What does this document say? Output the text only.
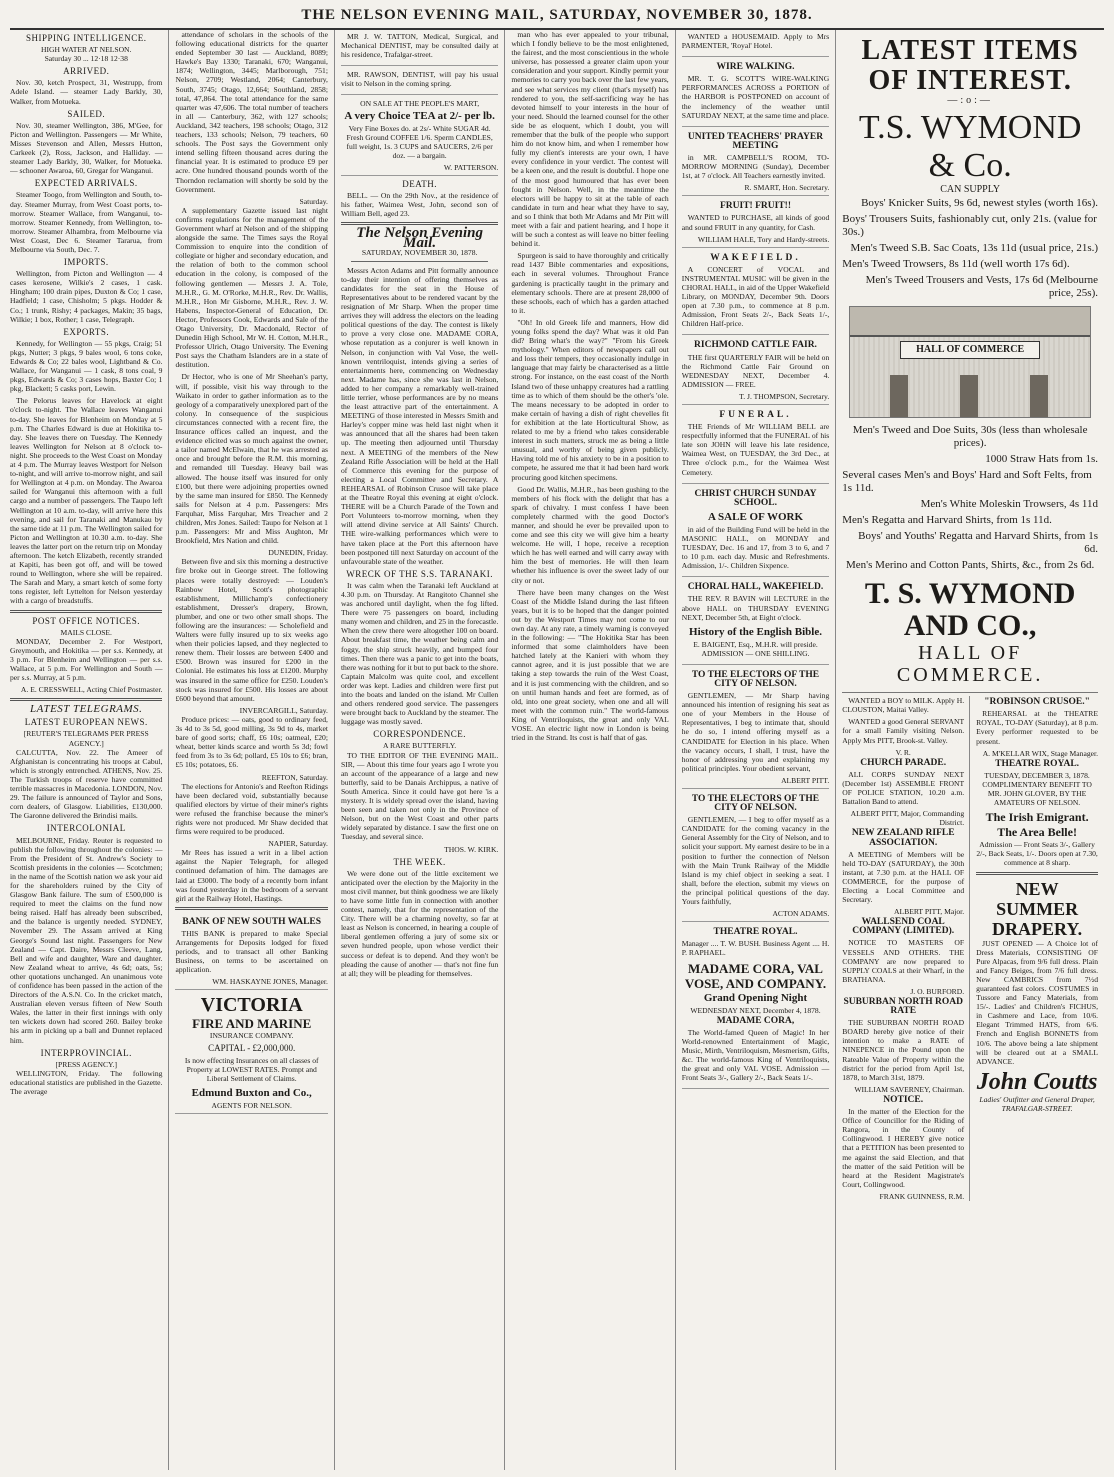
THE NELSON EVENING MAIL, SATURDAY, NOVEMBER 30, 1878.
SHIPPING INTELLIGENCE.
HIGH WATER AT NELSON.
Saturday 30 ... 12·18 12·38
ARRIVED.

Nov. 30, ketch Prospect, 31, Westrupp, from Adele Island. — steamer Lady Barkly, 30, Walker, from Motueka.

SAILED.

Nov. 30, steamer Wellington, 386, M'Gee, for Picton and Wellington. Passengers — Mr White, Misses Stevenson and Allen, Messrs Hutton, Carkeek (2), Ross, Jackson, and Halliday. — steamer Lady Barkly, 30, Walker, for Motueka. — schooner Awaroa, 60, Gregar for Wanganui.

EXPECTED ARRIVALS.

Steamer Toogo, from Wellington and South, to-day. Steamer Murray, from West Coast ports, to-morrow. Steamer Wallace, from Wanganui, to-morrow. Steamer Kennedy, from Wellington, to-morrow. Steamer Alhambra, from Melbourne via West Coast, Dec 6. Steamer Tararua, from Melbourne via South, Dec. 7.

IMPORTS.

Wellington, from Picton and Wellington — 4 cases kerosene, Wilkie's 2 cases, 1 cask. Hingham; 100 drain pipes, Duxton & Co; 1 case, Hadfield; 1 case, Chisholm; 5 pkgs. Hodder & Co.; 1 trunk, Rishy; 4 packages, Makin; 35 bags, Wilkie; 1 box, Rother; 1 case, Telegraph.

EXPORTS.

Kennedy, for Wellington — 55 pkgs, Craig; 51 pkgs, Nutter; 3 pkgs, 9 bales wool, 6 tons coke, Edwards & Co; 22 bales wool, Lightband & Co. Wallace, for Wanganui — 1 cask, 8 tons coal, 9 pkgs, Edwards & Co; 3 cases hops, Baxter Co; 1 pkg, Blackett; 5 casks port, Lewin.

The Pelorus leaves for Havelock at eight o'clock to-night. The Wallace leaves Wanganui to-day. She leaves for Blenheim on Monday at 5 p.m. The Charles Edward is due at Hokitika to-day. She leaves there on Tuesday. The Kennedy leaves Wellington for Nelson at 8 o'clock to-night. She proceeds to the West Coast on Monday at 4 p.m. The Murray leaves Westport for Nelson to-night, and will arrive to-morrow night, and sail for Wellington at 4 p.m. on Monday. The Awaroa sailed for Wanganui this afternoon with a full cargo and a number of passengers. The Taupo left Wellington at 10 a.m. to-day, will arrive here this evening, and sail for Taranaki and Manukau by the same tide at 11 p.m. The Wellington sailed for Picton and Wellington at 10.30 a.m. to-day. She leaves the latter port on the return trip on Monday afternoon. The ketch Elizabeth, recently stranded at Kapiti, has been got off, and will be towed round to Wellington, where she will be repaired. The Sarah and Mary, a smart ketch of some forty tons register, left Lyttelton for Nelson yesterday with a cargo of breadstuffs.

POST OFFICE NOTICES.
MAILS CLOSE.

MONDAY, December 2. For Westport, Greymouth, and Hokitika — per s.s. Kennedy, at 3 p.m. For Blenheim and Wellington — per s.s. Wallace, at 5 p.m. For Wellington and South — per s.s. Murray, at 5 p.m.

A. E. CRESSWELL, Acting Chief Postmaster.
LATEST TELEGRAMS.
LATEST EUROPEAN NEWS.
[REUTER'S TELEGRAMS PER PRESS AGENCY.]

CALCUTTA, Nov. 22. The Ameer of Afghanistan is concentrating his troops at Cabul, which is strongly entrenched. ATHENS, Nov. 25. The Turkish troops of reserve have committed terrible massacres in Macedonia. LONDON, Nov. 29. The failure is announced of Taylor and Sons, corn dealers, of Glasgow. Liabilities, £130,000. The Garonne delivered the Brindisi mails.

INTERCOLONIAL

MELBOURNE, Friday. Reuter is requested to publish the following throughout the colonies: — From the President of St. Andrew's Society to Scottish presidents in the colonies — Scotchmen; in the name of the Scottish nation we ask your aid for the shareholders ruined by the City of Glasgow Bank failure. The sum of £500,000 is required to meet the claims on the fund now being raised. Half has already been subscribed, and the balance is urgently needed. SYDNEY, November 29. The Assam arrived at King George's Sound last night. Passengers for New Zealand — Capt. Daire, Messrs Cleeve, Lang, Bell and wife and daughter, Ware and daughter. New Zealand wheat to arrive, 4s 6d; oats, 5s; other quotations unchanged. An unanimous vote of confidence has been passed in the action of the Directors of the A.S.N. Co. In the cricket match, Australian eleven versus fifteen of New South Wales, the latter in their first innings with only ten wickets down had scored 260. Bailey broke his arm in picking up a ball and Dunnet replaced him.

INTERPROVINCIAL.
[PRESS AGENCY.]

WELLINGTON, Friday. The following educational statistics are published in the Gazette. The average

attendance of scholars in the schools of the following educational districts for the quarter ended September 30 last — Auckland, 8089; Hawke's Bay 1330; Taranaki, 670; Wanganui, 1874; Wellington, 3445; Marlborough, 751; Nelson, 2709; Westland, 2064; Canterbury, South, 3745; Otago, 12,664; Southland, 2858; total, 47,864. The total attendance for the same quarter was 47,606. The total number of teachers in all — Canterbury, 362, with 127 schools; Auckland, 342 teachers, 198 schools; Otago, 312 teachers, 133 schools; Nelson, 79 teachers, 60 schools. The Post says the Government only intend selling fifteen thousand acres during the financial year. It is estimated to produce £9 per acre. One hundred thousand pounds worth of the Thorndon reclamation will shortly be sold by the Government.

Saturday.

A supplementary Gazette issued last night confirms regulations for the management of the Government wharf at Nelson and of the shipping alongside the same. The Times says the Royal Commission to enquire into the condition of collegiate or higher and secondary education, and the relation of both to the common school education in the colony, is composed of the following gentlemen — Messrs J. A. Tole, M.H.R., G. M. O'Rorke, M.H.R., Rev. Dr. Wallis, M.H.R., Hon Mr Gisborne, M.H.R., Rev. J. W. Habens, Inspector-General of Education, Dr. Hector, Professors Cook, Edwards and Sale of the Otago University, Dr. Macdonald, Rector of Dunedin High School, Mr W. H. Cotton, M.H.R., Professor Ulrich, Otago University. The Evening Post says the Chatham Islanders are in a state of destitution.

Dr Hector, who is one of Mr Sheehan's party, will, if possible, visit his way through to the Waikato in order to gather information as to the geology of a comparatively unexplored part of the colony. In consequence of the suspicious circumstances connected with a recent fire, the Insurance offices called an inquest, and the evidence elicited was so much against the owner, a tailor named McElwain, that he was arrested as once and brought before the R.M. this morning, and remanded till Tuesday. Heavy bail was allowed. The house itself was insured for only £100, but there were adjoining properties owned by the same man insured for £850. The Kennedy sails for Nelson at 4 p.m. Passengers: Mrs Farquhar, Miss Farquhar, Mrs Treacher and 2 children, Mrs Jones. Sailed: Taupo for Nelson at 1 p.m. Passengers: Mr and Miss Aughton, Mr Brookfield, Mrs Nation and child.

DUNEDIN, Friday.

Between five and six this morning a destructive fire broke out in George street. The following places were totally destroyed: — Louden's Rainbow Hotel, Scott's photographic establishment, Millichamp's confectionery establishment, Dresser's drapery, Brown, plumber, and one or two other small shops. The following are the insurances: — Scholefield and Walters were fully insured up to six weeks ago when their policies lapsed, and they neglected to renew them. Their losses are between £400 and £500. Brown was insured for £200 in the Colonial. He estimates his loss at £1200. Murphy was insured in the same office for £250. Louden's stock was insured for £500. His losses are about £600 beyond that amount.

INVERCARGILL, Saturday.

Produce prices: — oats, good to ordinary feed, 3s 4d to 3s 5d, good milling, 3s 9d to 4s, market bare of good sorts; chaff, £6 10s; oatmeal, £20; wheat, better kinds scarce and worth 5s 3d; fowl feed from 3s to 3s 6d; pollard, £5 10s to £6; bran, £5 10s; potatoes, £6.

REEFTON, Saturday.

The elections for Antonio's and Reefton Ridings have been declared void, substantially because qualified electors by virtue of their miner's rights were refused the franchise because the miner's rights were not produced. Mr Shaw decided that firms were required to be produced.

NAPIER, Saturday.

Mr Rees has issued a writ in a libel action against the Napier Telegraph, for alleged continued defamation of him. The damages are laid at £3000. The body of a recently born infant was found yesterday in the bedroom of a servant girl at the Railway Hotel, Hastings.

BANK OF NEW SOUTH WALES

THIS BANK is prepared to make Special Arrangements for Deposits lodged for fixed periods, and to transact all other Banking Business, on terms to be ascertained on application.

WM. HASKAYNE JONES, Manager.
VICTORIA
FIRE AND MARINE
INSURANCE COMPANY.
CAPITAL - £2,000,000.

Is now effecting Insurances on all classes of Property at LOWEST RATES. Prompt and Liberal Settlement of Claims.

Edmund Buxton and Co.,
AGENTS FOR NELSON.

MR J. W. TATTON, Medical, Surgical, and Mechanical DENTIST, may be consulted daily at his residence, Trafalgar-street.

MR. RAWSON, DENTIST, will pay his usual visit to Nelson in the coming spring.

ON SALE AT THE PEOPLE'S MART,
A very Choice TEA at 2/- per lb.

Very Fine Boxes do. at 2s/- White SUGAR 4d. Fresh Ground COFFEE 1/6. Sperm CANDLES, full weight, 1s. 3 CUPS and SAUCERS, 2/6 per doz. — a bargain.

W. PATTERSON.
DEATH.

BELL. — On the 29th Nov., at the residence of his father, Waimea West, John, second son of William Bell, aged 23.

The Nelson Evening Mail.
SATURDAY, NOVEMBER 30, 1878.

Messrs Acton Adams and Pitt formally announce to-day their intention of offering themselves as candidates for the seat in the House of Representatives about to be rendered vacant by the resignation of Mr Sharp. When the proper time arrives they will address the electors on the leading political questions of the day. The contest is likely to prove a very close one. MADAME CORA, whose reputation as a conjurer is well known in Nelson, in conjunction with Val Vose, the well-known ventriloquist, intends giving a series of entertainments here, commencing on Wednesday next. Madame has, since she was last in Nelson, added to her company a remarkably well-trained little terrier, whose performances are by no means the least attractive part of the entertainment. A MEETING of those interested in Messrs Smith and Harley's copper mine was held last night when it was announced that all the shares had been taken up. The meeting then adjourned until Thursday next. A MEETING of the members of the New Zealand Rifle Association will be held at the Hall of Commerce this evening for the purpose of electing a Local Committee and Secretary. A REHEARSAL of Robinson Crusoe will take place at the Theatre Royal this evening at eight o'clock. THERE will be a Church Parade of the Town and Port Volunteers to-morrow morning, when they will attend divine service at All Saints' Church. THE wire-walking performances which were to have taken place at the Port this afternoon have been postponed till next Saturday on account of the unfavourable state of the weather.

WRECK OF THE S.S. TARANAKI.

It was calm when the Taranaki left Auckland at 4.30 p.m. on Thursday. At Rangitoto Channel she was anchored until daylight, when the fog lifted. There were 75 passengers on board, including many women and children, and 25 in the forecastle. When the crew there were altogether 100 on board. About breakfast time, the weather being calm and foggy, the ship struck heavily, and bumped four times. Then there was a panic to get into the boats, there was nothing for it but to put back to the shore. Captain Malcolm was quite cool, and excellent order was kept. Ladies and children were first put into the boats and landed on the island. Mr Cullen and others rendered good service. The passengers were brought back to Auckland by the steamer. The luggage was mostly saved.

CORRESPONDENCE.
A RARE BUTTERFLY.

TO THE EDITOR OF THE EVENING MAIL. SIR, — About this time four years ago I wrote you an account of the appearance of a large and new butterfly, said to be Danais Archippus, a native of South America. Since it could have got here 'is a mystery. It is widely spread over the island, having been seen and taken not only in the Province of Nelson, but on the West Coast and other parts widely separated by distance. I saw the first one on Tuesday, and several since.

THOS. W. KIRK.
THE WEEK.

We were done out of the little excitement we anticipated over the election by the Majority in the most civil manner, but think goodness we are likely to have some little fun in connection with another contest, namely, that for the representation of the City. There will be a charming novelty, so far at least as Nelson is concerned, in hearing a couple of liberal gentlemen offering a jury of some six or seven hundred people, upon whose verdict their success or defeat is to depend. And they won't be pleading the cause of another — that's not fine fun at all; they will be pleading for themselves.

man who has ever appealed to your tribunal, which I fondly believe to be the most enlightened, the fairest, and the most conscientious in the whole universe, has possessed a greater claim upon your consideration and your support. Kindly permit your memories to carry you back over the last few years, and see what services my client (that's myself) has rendered to you, the self-sacrificing way he has devoted himself to your interests in the hour of your need. Should the learned counsel for the other side be as eloquent, which I doubt, you will remember that the bulk of the people who support him do not know him, and when I remember how fully my client's interests are your own, I have every confidence in your verdict. The contest will be a keen one, and the result is doubtful. I hope one of the most good humoured that has ever been fought in Nelson. Well, in the meantime the electors will be happy to sit at the table of each candidate in turn and hear what they have to say, and so I think that both Mr Adams and Mr Pitt will meet with a fair and patient hearing, and I hope it will be such a contest as will leave no bitter feeling behind it.

Spurgeon is said to have thoroughly and critically read 1437 Bible commentaries and expositions, each in several volumes. Throughout France gardening is practically taught in the primary and elementary schools. There are at present 28,000 of these schools, each of which has a garden attached to it.

"Oh! In old Greek life and manners, How did young folks spend the day? What was it old Pan did? Bring what's the way?" "From his Greek mythology." When editors of newspapers call out and loss their tempers, they occasionally indulge in language that may fairly be characterised as a little strong. For instance, on the east coast of the North Island two of these unhappy creatures had a rattling time as to which of them should be the other's 'ole. The means necessary to be adopted in order to make certain of having a dish of right chevelles fit for exhibition at the late Horticultural Show, as related to me by a friend who takes considerable interest in such matters, struck me as being a little unusual, and worthy of being given publicly. Having told me of his anxiety to be in a position to compete, he assured me that it had been hard work procuring good kitchen specimens.

Good Dr. Wallis, M.H.R., has been gushing to the members of his flock with the delight that has a spark of chivalry. I must confess I have been completely charmed with the good Doctor's manner, and should he ever be prevailed upon to come and see this city we will give him a hearty welcome. He will, I hope, receive a reception which he has well earned and will carry away with him the best of memories. He will then learn whether his influence is over the sweet lady of our city or not.

There have been many changes on the West Coast of the Middle Island during the last fifteen years, but it is to be hoped that the danger pointed out by the Westport Times may not come to our own day. At any rate, a timely warning is conveyed in the following: — "The Hokitika Star has been informed that some claimholders have been hatched lately at the Kanieri with whom they cannot agree, and it is just possible that we are taking a step towards the ruin of the West Coast, and it is just commencing with the children, and so on until human hands and feet are formed, as of old, into one great society, when one and all will meet with the common ruin." The world-famous King of Ventriloquists, the great and only VAL VOSE. An electric light now in London is being tried in the Strand. Its cost is half that of gas.

WANTED a HOUSEMAID. Apply to Mrs PARMENTER, 'Royal' Hotel.

WIRE WALKING.

MR. T. G. SCOTT'S WIRE-WALKING PERFORMANCES ACROSS a PORTION of the HARBOR is POSTPONED on account of the inclemency of the weather until SATURDAY NEXT, at the same time and place.

UNITED TEACHERS' PRAYER MEETING

in MR. CAMPBELL'S ROOM, TO-MORROW MORNING (Sunday), December 1st, at 7 o'clock. All Teachers earnestly invited.

R. SMART, Hon. Secretary.
FRUIT! FRUIT!!

WANTED to PURCHASE, all kinds of good and sound FRUIT in any quantity, for Cash.

WILLIAM HALE, Tory and Hardy-streets.
WAKEFIELD.

A CONCERT of VOCAL and INSTRUMENTAL MUSIC will be given in the CHORAL HALL, in aid of the Upper Wakefield Library, on MONDAY, December 9th. Doors open at 7.30 p.m., to commence at 8 p.m. Admission, Front Seats 2/-, Back Seats 1/-, Children Half-price.

RICHMOND CATTLE FAIR.

THE first QUARTERLY FAIR will be held on the Richmond Cattle Fair Ground on WEDNESDAY NEXT, December 4. ADMISSION — FREE.

T. J. THOMPSON, Secretary.
FUNERAL.

THE Friends of Mr WILLIAM BELL are respectfully informed that the FUNERAL of his late son JOHN will leave his late residence, Waimea West, on TUESDAY, the 3rd Dec., at Three o'clock p.m., for the Waimea West Cemetery.

CHRIST CHURCH SUNDAY SCHOOL.
A SALE OF WORK

in aid of the Building Fund will be held in the MASONIC HALL, on MONDAY and TUESDAY, Dec. 16 and 17, from 3 to 6, and 7 to 10 p.m. each day. Music and Refreshments. Admission, 1/-. Children Sixpence.

CHORAL HALL, WAKEFIELD.

THE REV. R BAVIN will LECTURE in the above HALL on THURSDAY EVENING NEXT, December 5th, at Eight o'clock.

History of the English Bible.

E. BAIGENT, Esq., M.H.R. will preside. ADMISSION — ONE SHILLING.

TO THE ELECTORS OF THE CITY OF NELSON.

GENTLEMEN, — Mr Sharp having announced his intention of resigning his seat as one of your Members in the House of Representatives, I beg to intimate that, should he do so, I intend offering myself as a CANDIDATE for Election in his place. When the vacancy occurs, I shall, I trust, have the honor of addressing you and explaining my political principles. Your obedient servant,

ALBERT PITT.
TO THE ELECTORS OF THE CITY OF NELSON.

GENTLEMEN, — I beg to offer myself as a CANDIDATE for the coming vacancy in the General Assembly for the City of Nelson, and to solicit your support. My earnest desire to be in a position to further the connection of Nelson with the Main Trunk Railway of the Middle Island is my chief object in seeking a seat. I shall, before the election, submit my views on the principal political questions of the day. Yours faithfully,

ACTON ADAMS.
THEATRE ROYAL.

Manager .... T. W. BUSH. Business Agent .... H. P. RAPHAEL.

MADAME CORA, VAL VOSE, AND COMPANY.
Grand Opening Night
WEDNESDAY NEXT, December 4, 1878.
MADAME CORA,

The World-famed Queen of Magic! In her World-renowned Entertainment of Magic, Music, Mirth, Ventriloquism, Mesmerism, Gifts, &c. The world-famous King of Ventriloquists, the great and only VAL VOSE. Admission — Front Seats 3/-, Gallery 2/-, Back Seats 1/-.

LATEST ITEMS OF INTEREST.
—:o:—
T.S. WYMOND & Co.
CAN SUPPLY
Boys' Knicker Suits, 9s 6d, newest styles (worth 16s).
Boys' Trousers Suits, fashionably cut, only 21s. (value for 30s.)
Men's Tweed S.B. Sac Coats, 13s 11d (usual price, 21s.)
Men's Tweed Trowsers, 8s 11d (well worth 17s 6d).
Men's Tweed Trousers and Vests, 17s 6d (Melbourne price, 25s).
HALL OF COMMERCE
Men's Tweed and Doe Suits, 30s (less than wholesale prices).
1000 Straw Hats from 1s.
Several cases Men's and Boys' Hard and Soft Felts, from 1s 11d.
Men's White Moleskin Trowsers, 4s 11d
Men's Regatta and Harvard Shirts, from 1s 11d.
Boys' and Youths' Regatta and Harvard Shirts, from 1s 6d.
Men's Merino and Cotton Pants, Shirts, &c., from 2s 6d.
T. S. WYMOND AND CO.,
HALL OF COMMERCE.

WANTED a BOY to MILK. Apply H. CLOUSTON, Maitai Valley.

WANTED a good General SERVANT for a small Family visiting Nelson. Apply Mrs PITT, Brook-st. Valley.

V. R.
CHURCH PARADE.

ALL CORPS SUNDAY NEXT (December 1st) ASSEMBLE FRONT OF POLICE STATION, 10.20 a.m. Battalion Band to attend.

ALBERT PITT, Major, Commanding District.
NEW ZEALAND RIFLE ASSOCIATION.

A MEETING of Members will be held TO-DAY (SATURDAY), the 30th instant, at 7.30 p.m. at the HALL OF COMMERCE, for the purpose of Electing a Local Committee and Secretary.

ALBERT PITT, Major.
WALLSEND COAL COMPANY (LIMITED).

NOTICE TO MASTERS OF VESSELS AND OTHERS. THE COMPANY are now prepared to SUPPLY COALS at their Wharf, in the BRATHANA.

J. O. BURFORD.
SUBURBAN NORTH ROAD RATE

THE SUBURBAN NORTH ROAD BOARD hereby give notice of their intention to make a RATE of NINEPENCE in the Pound upon the Rateable Value of Property within the district for the period from April 1st, 1878, to March 31st, 1879.

WILLIAM SAVERNEY, Chairman.
NOTICE.

In the matter of the Election for the Office of Councillor for the Riding of Rangora, in the County of Collingwood. I HEREBY give notice that a PETITION has been presented to me against the said Election, and that the matter of the said Petition will be heard at the Resident Magistrate's Court, Collingwood.

FRANK GUINNESS, R.M.
"ROBINSON CRUSOE."

REHEARSAL at the THEATRE ROYAL, TO-DAY (Saturday), at 8 p.m. Every performer requested to be present.

A. M'KELLAR WIX, Stage Manager.
THEATRE ROYAL.
TUESDAY, DECEMBER 3, 1878.

COMPLIMENTARY BENEFIT TO MR. JOHN GLOVER, BY THE AMATEURS OF NELSON.

The Irish Emigrant.
The Area Belle!

Admission — Front Seats 3/-, Gallery 2/-, Back Seats, 1/-. Doors open at 7.30, commence at 8 sharp.

NEW SUMMER DRAPERY.

JUST OPENED — A Choice lot of Dress Materials, CONSISTING OF Pure Alpacas, from 9/6 full dress. Plain and Fancy Beiges, from 7/6 full dress. New CAMBRICS from 7½d guaranteed fast colors. COSTUMES in Tussore and Fancy Materials, from 15/-. Ladies' and Children's FICHUS, in Cashmere and Lace, from 10/6. Elegant Trimmed HATS, from 6/6. French and English BONNETS from 10/6. The above being a late shipment will be cleared out at a SMALL ADVANCE.

John Coutts
Ladies' Outfitter and General Draper, TRAFALGAR-STREET.
